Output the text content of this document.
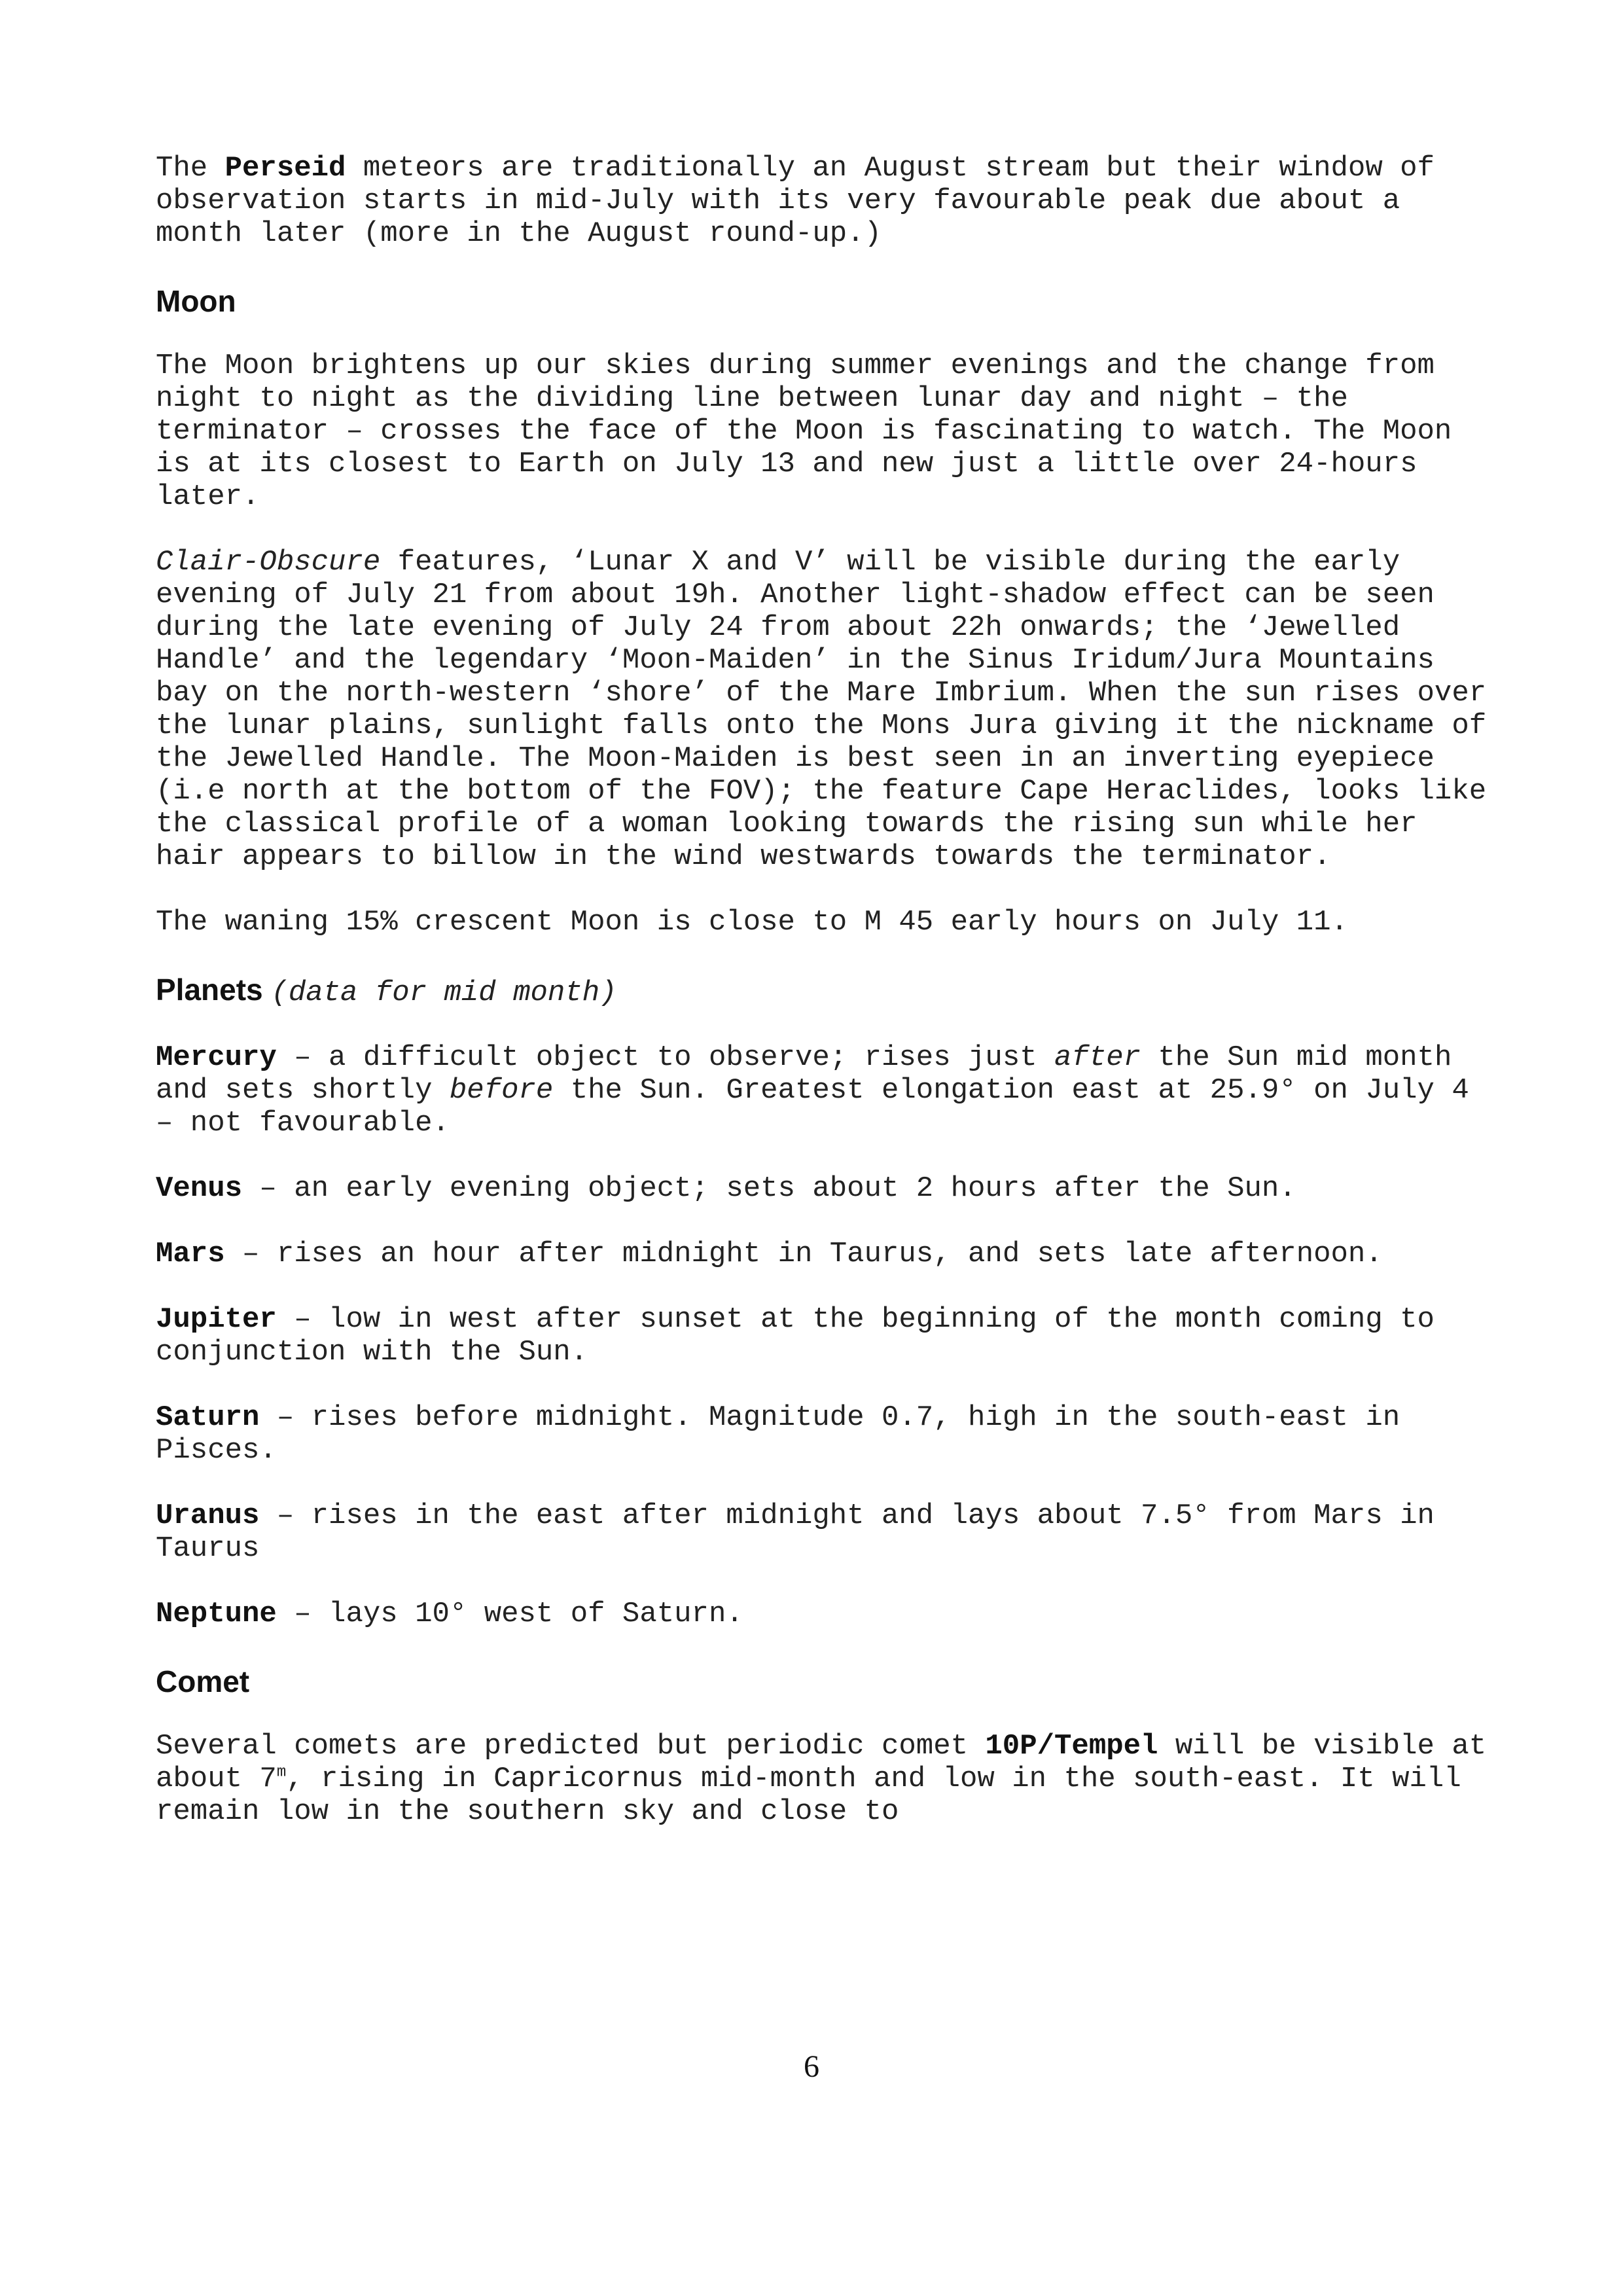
The Perseid meteors are traditionally an August stream but their window of observation starts in mid-July with its very favourable peak due about a month later (more in the August round-up.)

Moon

The Moon brightens up our skies during summer evenings and the change from night to night as the dividing line between lunar day and night – the terminator – crosses the face of the Moon is fascinating to watch. The Moon is at its closest to Earth on July 13 and new just a little over 24-hours later.

Clair-Obscure features, ‘Lunar X and V’ will be visible during the early evening of July 21 from about 19h. Another light-shadow effect can be seen during the late evening of July 24 from about 22h onwards; the ‘Jewelled Handle’ and the legendary ‘Moon-Maiden’ in the Sinus Iridum/Jura Mountains bay on the north-western ‘shore’ of the Mare Imbrium. When the sun rises over the lunar plains, sunlight falls onto the Mons Jura giving it the nickname of the Jewelled Handle. The Moon-Maiden is best seen in an inverting eyepiece (i.e north at the bottom of the FOV); the feature Cape Heraclides, looks like the classical profile of a woman looking towards the rising sun while her hair appears to billow in the wind westwards towards the terminator.

The waning 15% crescent Moon is close to M 45 early hours on July 11.

Planets (data for mid month)

Mercury – a difficult object to observe; rises just after the Sun mid month and sets shortly before the Sun. Greatest elongation east at 25.9° on July 4 – not favourable.

Venus – an early evening object; sets about 2 hours after the Sun.

Mars – rises an hour after midnight in Taurus, and sets late afternoon.

Jupiter – low in west after sunset at the beginning of the month coming to conjunction with the Sun.

Saturn – rises before midnight. Magnitude 0.7, high in the south-east in Pisces.

Uranus – rises in the east after midnight and lays about 7.5° from Mars in Taurus

Neptune – lays 10° west of Saturn.

Comet

Several comets are predicted but periodic comet 10P/Tempel will be visible at about 7$^m$, rising in Capricornus mid-month and low in the south-east. It will remain low in the southern sky and close to

6
